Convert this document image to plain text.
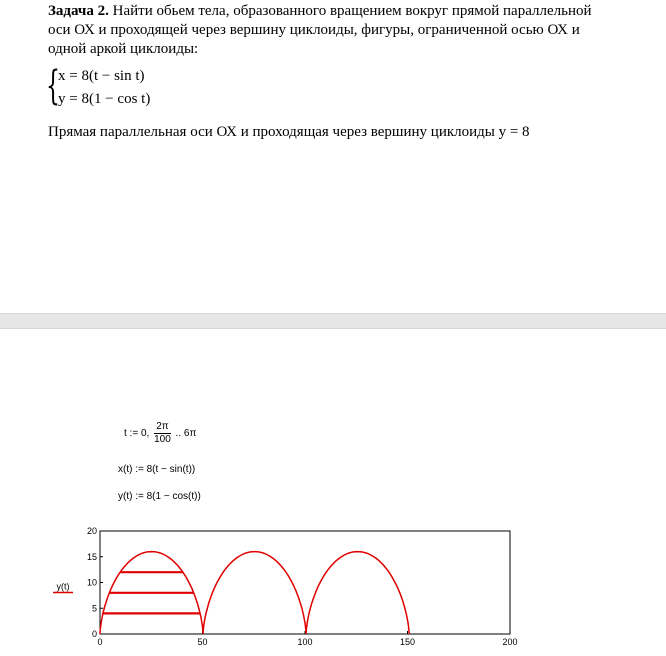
Задача 2. Найти обьем тела, образованного вращением вокруг прямой параллельной оси ОХ и проходящей через вершину циклоиды, фигуры, ограниченной осью ОХ и одной аркой циклоиды:

{
x = 8(t − sin t)
y = 8(1 − cos t)
Прямая параллельная оси ОХ и проходящая через вершину циклоиды y = 8
t := 0, $\frac{2\pi}{100}$ .. 6π
x(t) := 8(t − sin(t))
y(t) := 8(1 − cos(t))
0	50	100	150	200
0
5
10
15
20
y(t)
